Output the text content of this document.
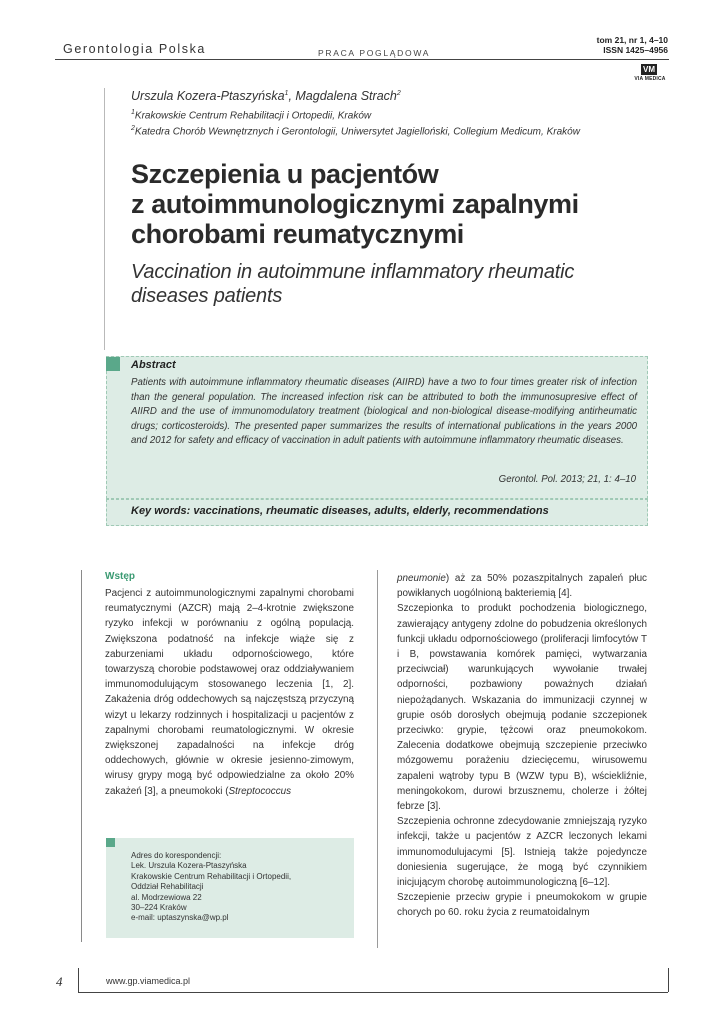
Gerontologia Polska	PRACA POGLĄDOWA
tom 21, nr 1, 4–10
ISSN 1425–4956
VM
VIA MEDICA
Urszula Kozera-Ptaszyńska$^1$, Magdalena Strach$^2$
$^1$Krakowskie Centrum Rehabilitacji i Ortopedii, Kraków
$^2$Katedra Chorób Wewnętrznych i Gerontologii, Uniwersytet Jagielloński, Collegium Medicum, Kraków
Szczepienia u pacjentów
z autoimmunologicznymi zapalnymi
chorobami reumatycznymi
Vaccination in autoimmune inflammatory rheumatic
diseases patients
Abstract
Patients with autoimmune inflammatory rheumatic diseases (AIIRD) have a two to four times greater risk of infection than the general population. The increased infection risk can be attributed to both the immunosupresive effect of AIIRD and the use of immunomodulatory treatment (biological and non-biological disease-modifying antirheumatic drugs; corticosteroids). The presented paper summarizes the results of international publications in the years 2000 and 2012 for safety and efficacy of vaccination in adult patients with autoimmune inflammatory rheumatic diseases.
Gerontol. Pol. 2013; 21, 1: 4–10
Key words: vaccinations, rheumatic diseases, adults, elderly, recommendations
Wstęp

Pacjenci z autoimmunologicznymi zapalnymi chorobami reumatycznymi (AZCR) mają 2–4-krotnie zwiększone ryzyko infekcji w porównaniu z ogólną populacją. Zwiększona podatność na infekcje wiąże się z zaburzeniami układu odpornościowego, które towarzyszą chorobie podstawowej oraz oddziaływaniem immunomodulującym stosowanego leczenia [1, 2]. Zakażenia dróg oddechowych są najczęstszą przyczyną wizyt u lekarzy rodzinnych i hospitalizacji u pacjentów z zapalnymi chorobami reumatologicznymi. W okresie zwiększonej zapadalności na infekcje dróg oddechowych, głównie w okresie jesienno-zimowym, wirusy grypy mogą być odpowiedzialne za około 20% zakażeń [3], a pneumokoki (Streptococcus

pneumonie) aż za 50% pozaszpitalnych zapaleń płuc powikłanych uogólnioną bakteriemią [4].

Szczepionka to produkt pochodzenia biologicznego, zawierający antygeny zdolne do pobudzenia określonych funkcji układu odpornościowego (proliferacji limfocytów T i B, powstawania komórek pamięci, wytwarzania przeciwciał) warunkujących wywołanie trwałej odporności, pozbawiony poważnych działań niepożądanych. Wskazania do immunizacji czynnej w grupie osób dorosłych obejmują podanie szczepionek przeciwko: grypie, tężcowi oraz pneumokokom. Zalecenia dodatkowe obejmują szczepienie przeciwko mózgowemu porażeniu dziecięcemu, wirusowemu zapaleni wątroby typu B (WZW typu B), wściekliźnie, meningokokom, durowi brzusznemu, cholerze i żółtej febrze [3].

Szczepienia ochronne zdecydowanie zmniejszają ryzyko infekcji, także u pacjentów z AZCR leczonych lekami immunomodulujacymi [5]. Istnieją także pojedyncze doniesienia sugerujące, że mogą być czynnikiem inicjującym chorobę autoimmunologiczną [6–12].

Szczepienie przeciw grypie i pneumokokom w grupie chorych po 60. roku życia z reumatoidalnym

Adres do korespondencji:
Lek. Urszula Kozera-Ptaszyńska
Krakowskie Centrum Rehabilitacji i Ortopedii,
Oddział Rehabilitacji
al. Modrzewiowa 22
30–224 Kraków
e-mail: uptaszynska@wp.pl
4	www.gp.viamedica.pl
